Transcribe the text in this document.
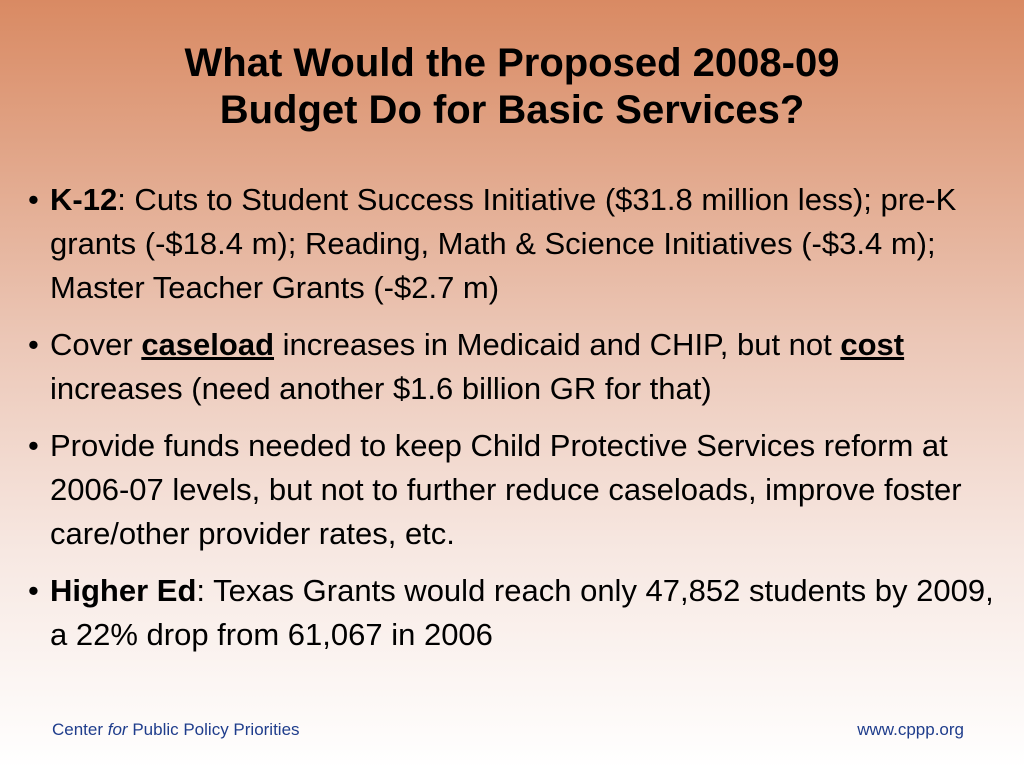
What Would the Proposed 2008-09
Budget Do for Basic Services?
• K-12: Cuts to Student Success Initiative ($31.8 million less); pre-K grants (-$18.4 m); Reading, Math & Science Initiatives (-$3.4 m); Master Teacher Grants (-$2.7 m)
• Cover caseload increases in Medicaid and CHIP, but not cost increases (need another $1.6 billion GR for that)
• Provide funds needed to keep Child Protective Services reform at 2006-07 levels, but not to further reduce caseloads, improve foster care/other provider rates, etc.
• Higher Ed: Texas Grants would reach only 47,852 students by 2009, a 22% drop from 61,067 in 2006
Center for Public Policy Priorities	www.cppp.org
